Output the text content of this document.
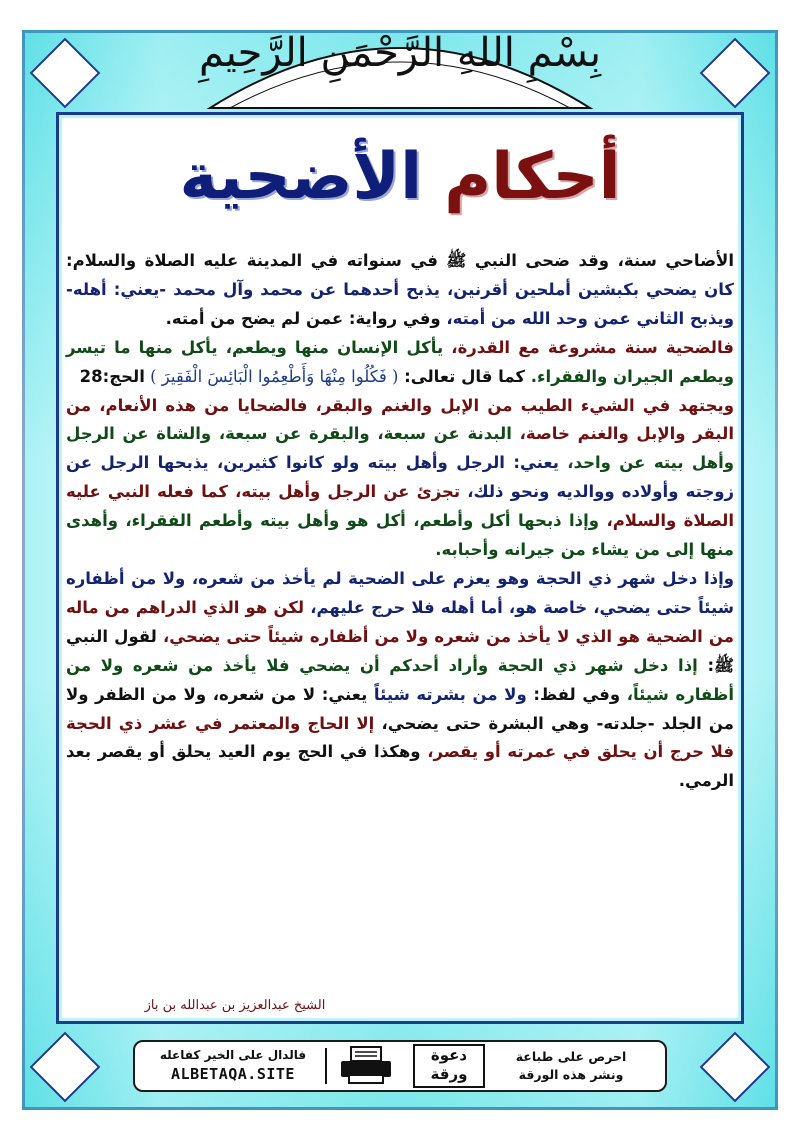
بِسْمِ اللهِ الرَّحْمَنِ الرَّحِيمِ
أحكام الأضحية

الأضاحي سنة، وقد ضحى النبي ﷺ في سنواته في المدينة عليه الصلاة والسلام: كان يضحي بكبشين أملحين أقرنين، يذبح أحدهما عن محمد وآل محمد -يعني: أهله- ويذبح الثاني عمن وحد الله من أمته، وفي رواية: عمن لم يضح من أمته.

فالضحية سنة مشروعة مع القدرة، يأكل الإنسان منها ويطعم، يأكل منها ما تيسر ويطعم الجيران والفقراء. كما قال تعالى: ( فَكُلُوا مِنْهَا وَأَطْعِمُوا الْبَائِسَ الْفَقِيرَ ) الحج:28

ويجتهد في الشيء الطيب من الإبل والغنم والبقر، فالضحايا من هذه الأنعام، من البقر والإبل والغنم خاصة، البدنة عن سبعة، والبقرة عن سبعة، والشاة عن الرجل وأهل بيته عن واحد، يعني: الرجل وأهل بيته ولو كانوا كثيرين، يذبحها الرجل عن زوجته وأولاده ووالديه ونحو ذلك، تجزئ عن الرجل وأهل بيته، كما فعله النبي عليه الصلاة والسلام، وإذا ذبحها أكل وأطعم، أكل هو وأهل بيته وأطعم الفقراء، وأهدى منها إلى من يشاء من جيرانه وأحبابه.

وإذا دخل شهر ذي الحجة وهو يعزم على الضحية لم يأخذ من شعره، ولا من أظفاره شيئاً حتى يضحي، خاصة هو، أما أهله فلا حرج عليهم، لكن هو الذي الدراهم من ماله من الضحية هو الذي لا يأخذ من شعره ولا من أظفاره شيئاً حتى يضحي، لقول النبي ﷺ: إذا دخل شهر ذي الحجة وأراد أحدكم أن يضحي فلا يأخذ من شعره ولا من أظفاره شيئاً، وفي لفظ: ولا من بشرته شيئاً يعني: لا من شعره، ولا من الظفر ولا من الجلد -جلدته- وهي البشرة حتى يضحي، إلا الحاج والمعتمر في عشر ذي الحجة فلا حرج أن يحلق في عمرته أو يقصر، وهكذا في الحج يوم العيد يحلق أو يقصر بعد الرمي.

الشيخ عبدالعزيز بن عبدالله بن باز
احرص على طباعة
ونشر هذه الورقة
دعوة
ورقة
فالدال على الخير كفاعله
ALBETAQA.SITE
